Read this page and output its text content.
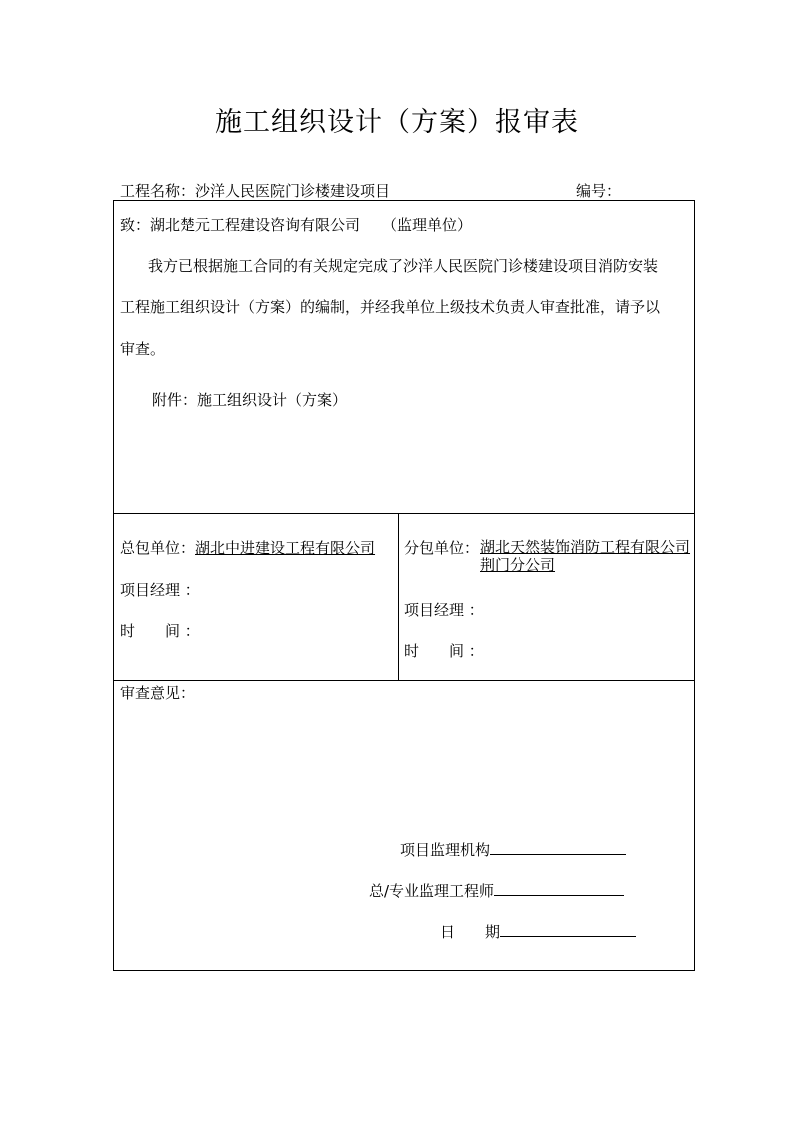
施工组织设计（方案）报审表
工程名称：沙洋人民医院门诊楼建设项目	编号：
致：湖北楚元工程建设咨询有限公司 （监理单位）
我方已根据施工合同的有关规定完成了沙洋人民医院门诊楼建设项目消防安装
工程施工组织设计（方案）的编制，并经我单位上级技术负责人审查批准，请予以
审查。
附件：施工组织设计（方案）
总包单位：湖北中进建设工程有限公司
项目经理 ：
时　　间 ：
分包单位： 湖北天然装饰消防工程有限公司荆门分公司
项目经理 ：
时　　间 ：
审查意见：
项目监理机构
总/专业监理工程师
日　　期
